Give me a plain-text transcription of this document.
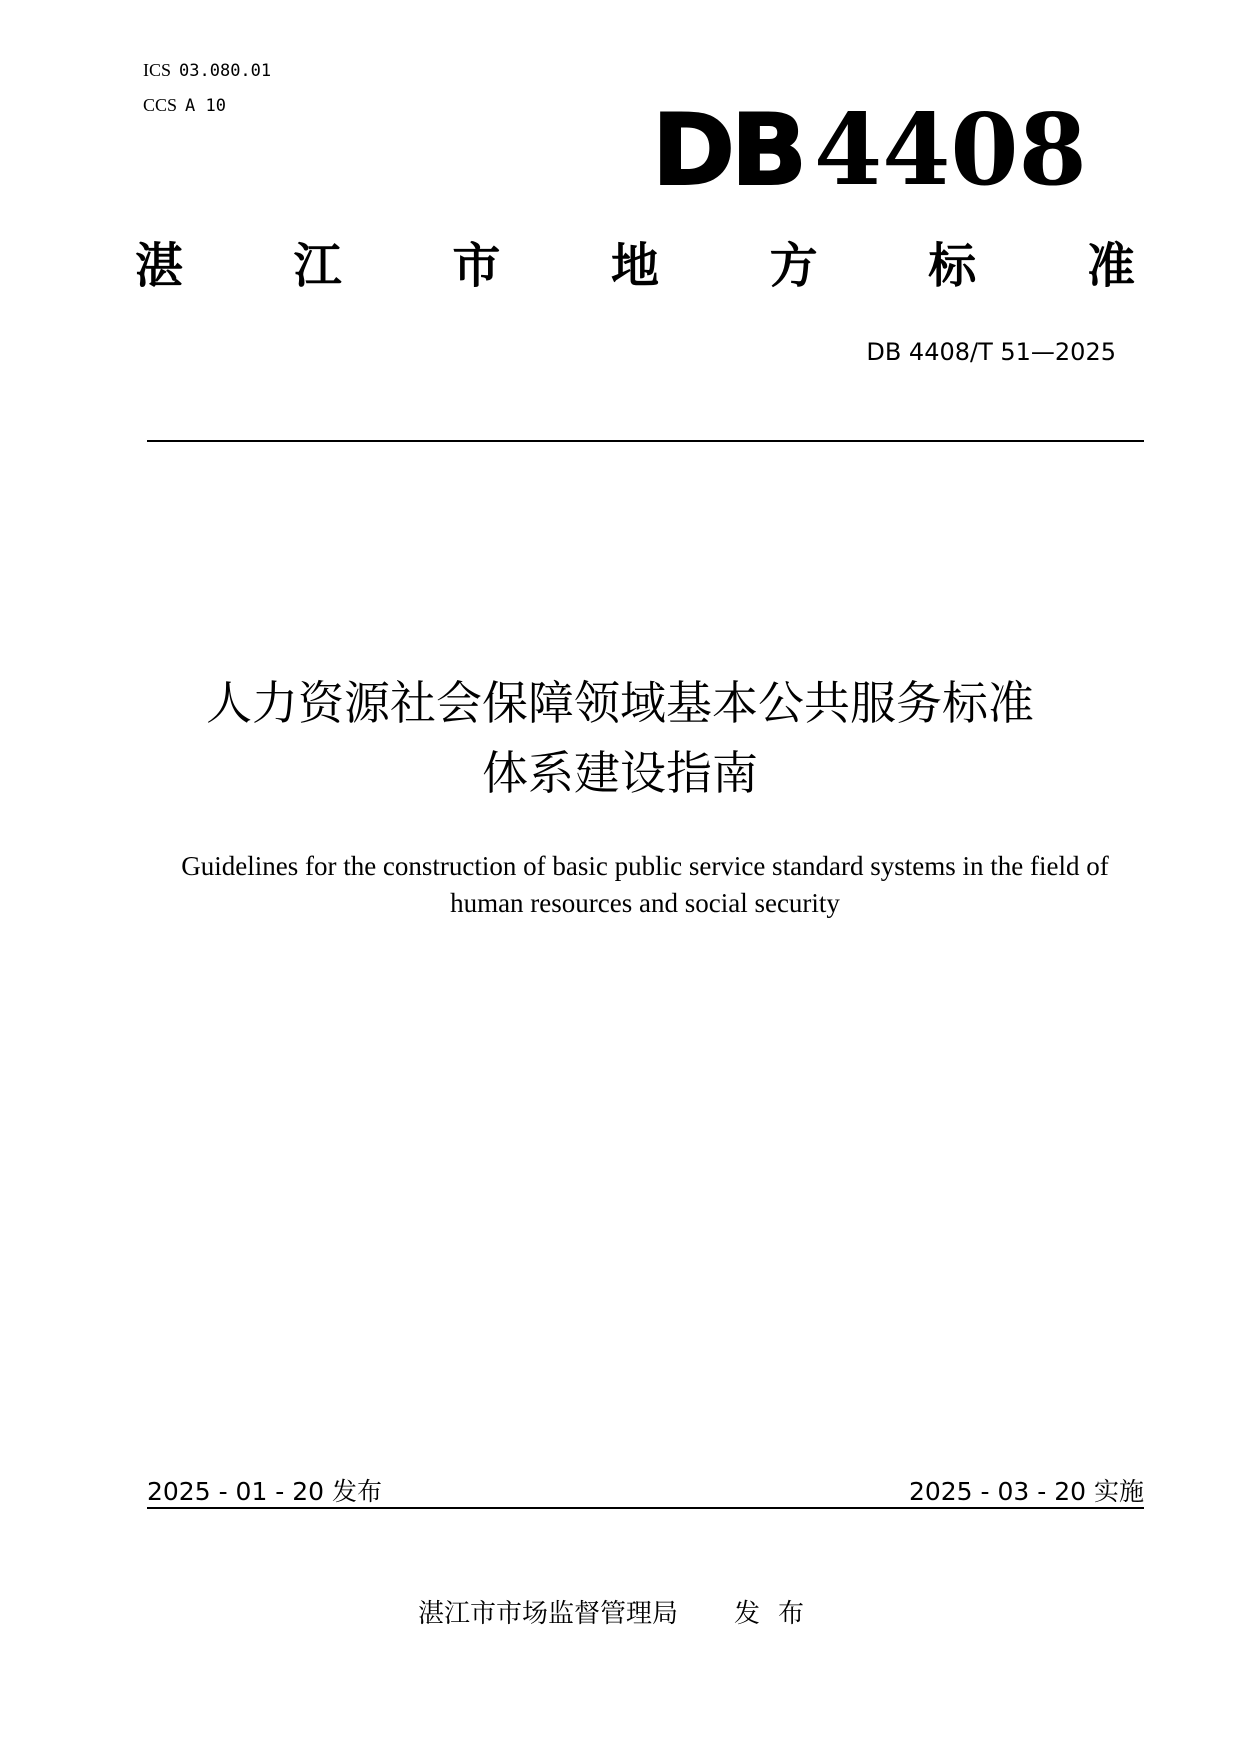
ICS 03.080.01
CCS A 10	DB 4408
湛 江 市 地 方 标 准
DB 4408/T 51—2025
人力资源社会保障领域基本公共服务标准
体系建设指南
Guidelines for the construction of basic public service standard systems in the field of
human resources and social security
2025 - 01 - 20 发布	2025 - 03 - 20 实施
湛江市市场监督管理局 发布
